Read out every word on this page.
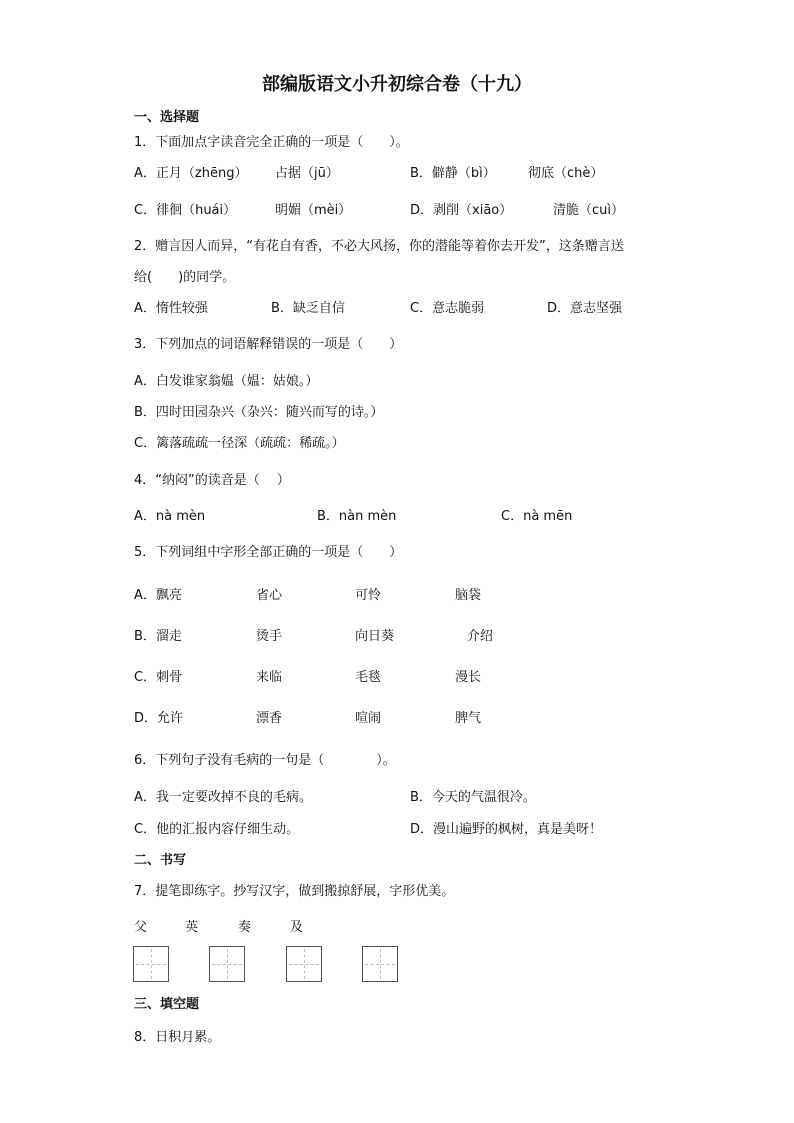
部编版语文小升初综合卷（十九）
一、选择题
1．下面加点字读音完全正确的一项是（　　）。
A．正月（zhēng） 占据（jū）	B．僻静（bì） 彻底（chè）
C．徘徊（huái）	明媚（mèi）	D．剥削（xiāo）	清脆（cuì）
2．赠言因人而异，“有花自有香，不必大风扬，你的潜能等着你去开发”，这条赠言送
给(　　)的同学。
A．惰性较强	B．缺乏自信	C．意志脆弱	D．意志坚强
3．下列加点的词语解释错误的一项是（　　）
A．白发谁家翁媪（媪：姑娘。）
B．四时田园杂兴（杂兴：随兴而写的诗。）
C．篱落疏疏一径深（疏疏：稀疏。）
4．“纳闷”的读音是（　 ）
A．nà mèn	B．nàn mèn	C．nà mēn
5．下列词组中字形全部正确的一项是（　　）
A．飘亮	省心	可怜	脑袋
B．溜走	烫手	向日葵	介绍
C．刺骨	来临	毛毯	漫长
D．允许	漂香	喧闹	脾气
6．下列句子没有毛病的一句是（　　　　）。
A．我一定要改掉不良的毛病。	B．今天的气温很冷。
C．他的汇报内容仔细生动。	D．漫山遍野的枫树，真是美呀！
二、书写
7．提笔即练字。抄写汉字，做到搬掠舒展，字形优美。
父	英	奏	及
三、填空题
8．日积月累。
